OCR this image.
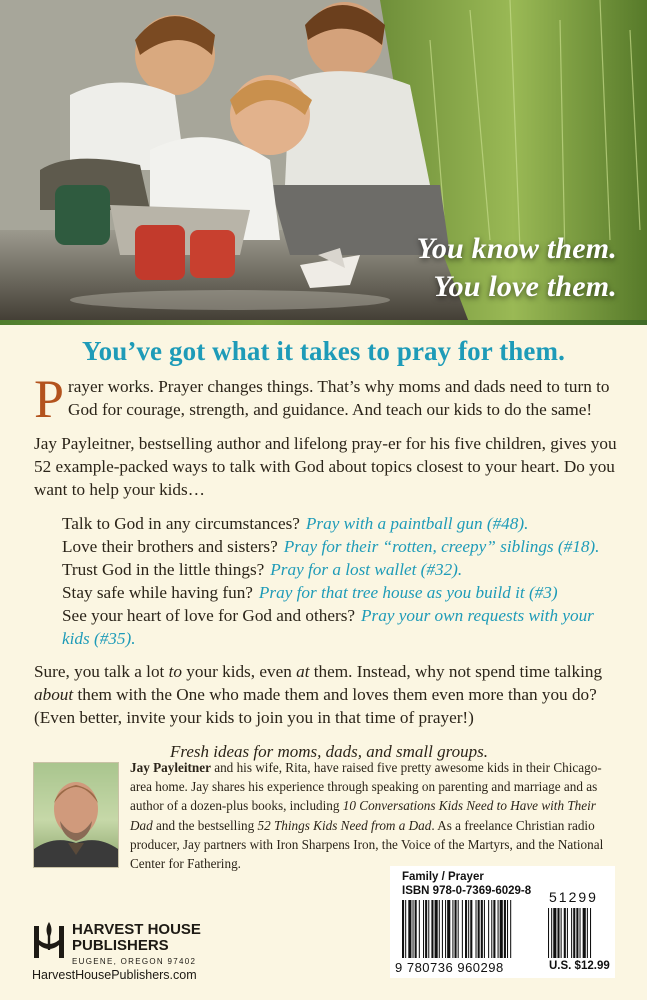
You know them.
You love them.
You’ve got what it takes to pray for them.

Prayer works. Prayer changes things. That’s why moms and dads need to turn to God for courage, strength, and guidance. And teach our kids to do the same!

Jay Payleitner, bestselling author and lifelong pray-er for his five children, gives you 52 example-packed ways to talk with God about topics closest to your heart. Do you want to help your kids…

Talk to God in any circumstances? Pray with a paintball gun (#48).
Love their brothers and sisters? Pray for their “rotten, creepy” siblings (#18).
Trust God in the little things? Pray for a lost wallet (#32).
Stay safe while having fun? Pray for that tree house as you build it (#3)
See your heart of love for God and others? Pray your own requests with your kids (#35).

Sure, you talk a lot to your kids, even at them. Instead, why not spend time talking about them with the One who made them and loves them even more than you do? (Even better, invite your kids to join you in that time of prayer!)

Fresh ideas for moms, dads, and small groups.

Jay Payleitner and his wife, Rita, have raised five pretty awesome kids in their Chicago-area home. Jay shares his experience through speaking on parenting and marriage and as author of a dozen-plus books, including 10 Conversations Kids Need to Have with Their Dad and the bestselling 52 Things Kids Need from a Dad. As a freelance Christian radio producer, Jay partners with Iron Sharpens Iron, the Voice of the Martyrs, and the National Center for Fathering.
HARVEST HOUSE
PUBLISHERS
EUGENE, OREGON 97402
HarvestHousePublishers.com
Family / Prayer
ISBN 978-0-7369-6029-8 51299
9 780736 960298	U.S. $12.99
